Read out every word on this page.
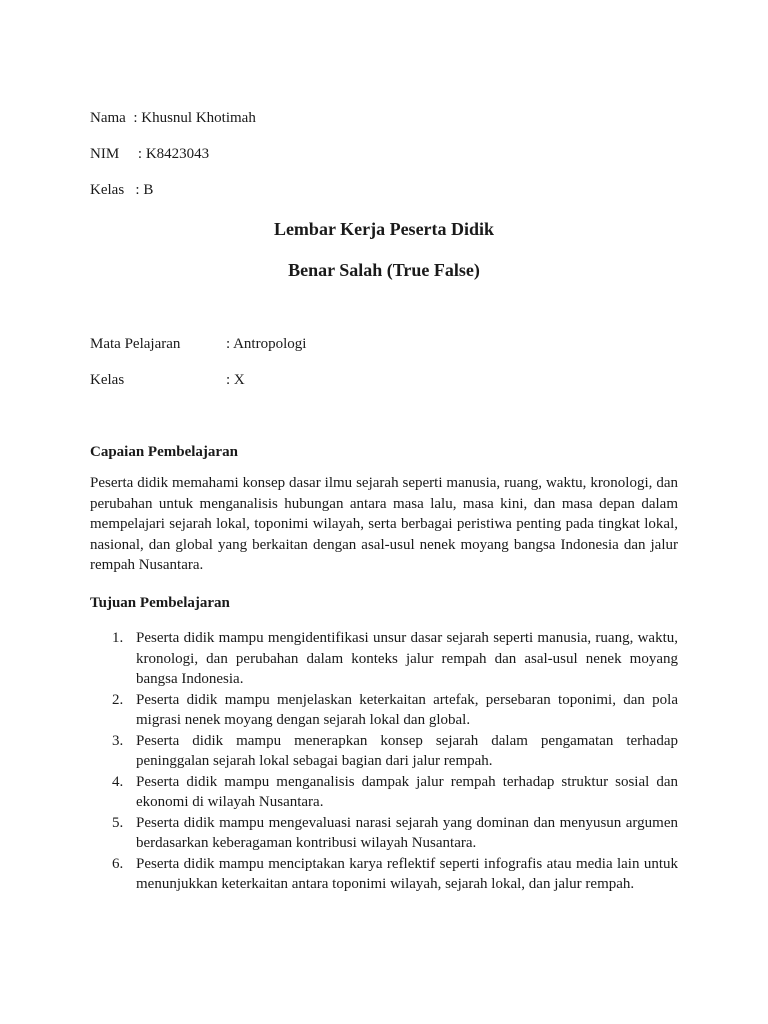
Nama  : Khusnul Khotimah
NIM     : K8423043
Kelas   : B
Lembar Kerja Peserta Didik
Benar Salah (True False)
Mata Pelajaran	: Antropologi
Kelas	: X
Capaian Pembelajaran
Peserta didik memahami konsep dasar ilmu sejarah seperti manusia, ruang, waktu, kronologi, dan perubahan untuk menganalisis hubungan antara masa lalu, masa kini, dan masa depan dalam mempelajari sejarah lokal, toponimi wilayah, serta berbagai peristiwa penting pada tingkat lokal, nasional, dan global yang berkaitan dengan asal-usul nenek moyang bangsa Indonesia dan jalur rempah Nusantara.
Tujuan Pembelajaran
1. Peserta didik mampu mengidentifikasi unsur dasar sejarah seperti manusia, ruang, waktu, kronologi, dan perubahan dalam konteks jalur rempah dan asal-usul nenek moyang bangsa Indonesia.
2. Peserta didik mampu menjelaskan keterkaitan artefak, persebaran toponimi, dan pola migrasi nenek moyang dengan sejarah lokal dan global.
3. Peserta didik mampu menerapkan konsep sejarah dalam pengamatan terhadap peninggalan sejarah lokal sebagai bagian dari jalur rempah.
4. Peserta didik mampu menganalisis dampak jalur rempah terhadap struktur sosial dan ekonomi di wilayah Nusantara.
5. Peserta didik mampu mengevaluasi narasi sejarah yang dominan dan menyusun argumen berdasarkan keberagaman kontribusi wilayah Nusantara.
6. Peserta didik mampu menciptakan karya reflektif seperti infografis atau media lain untuk menunjukkan keterkaitan antara toponimi wilayah, sejarah lokal, dan jalur rempah.
